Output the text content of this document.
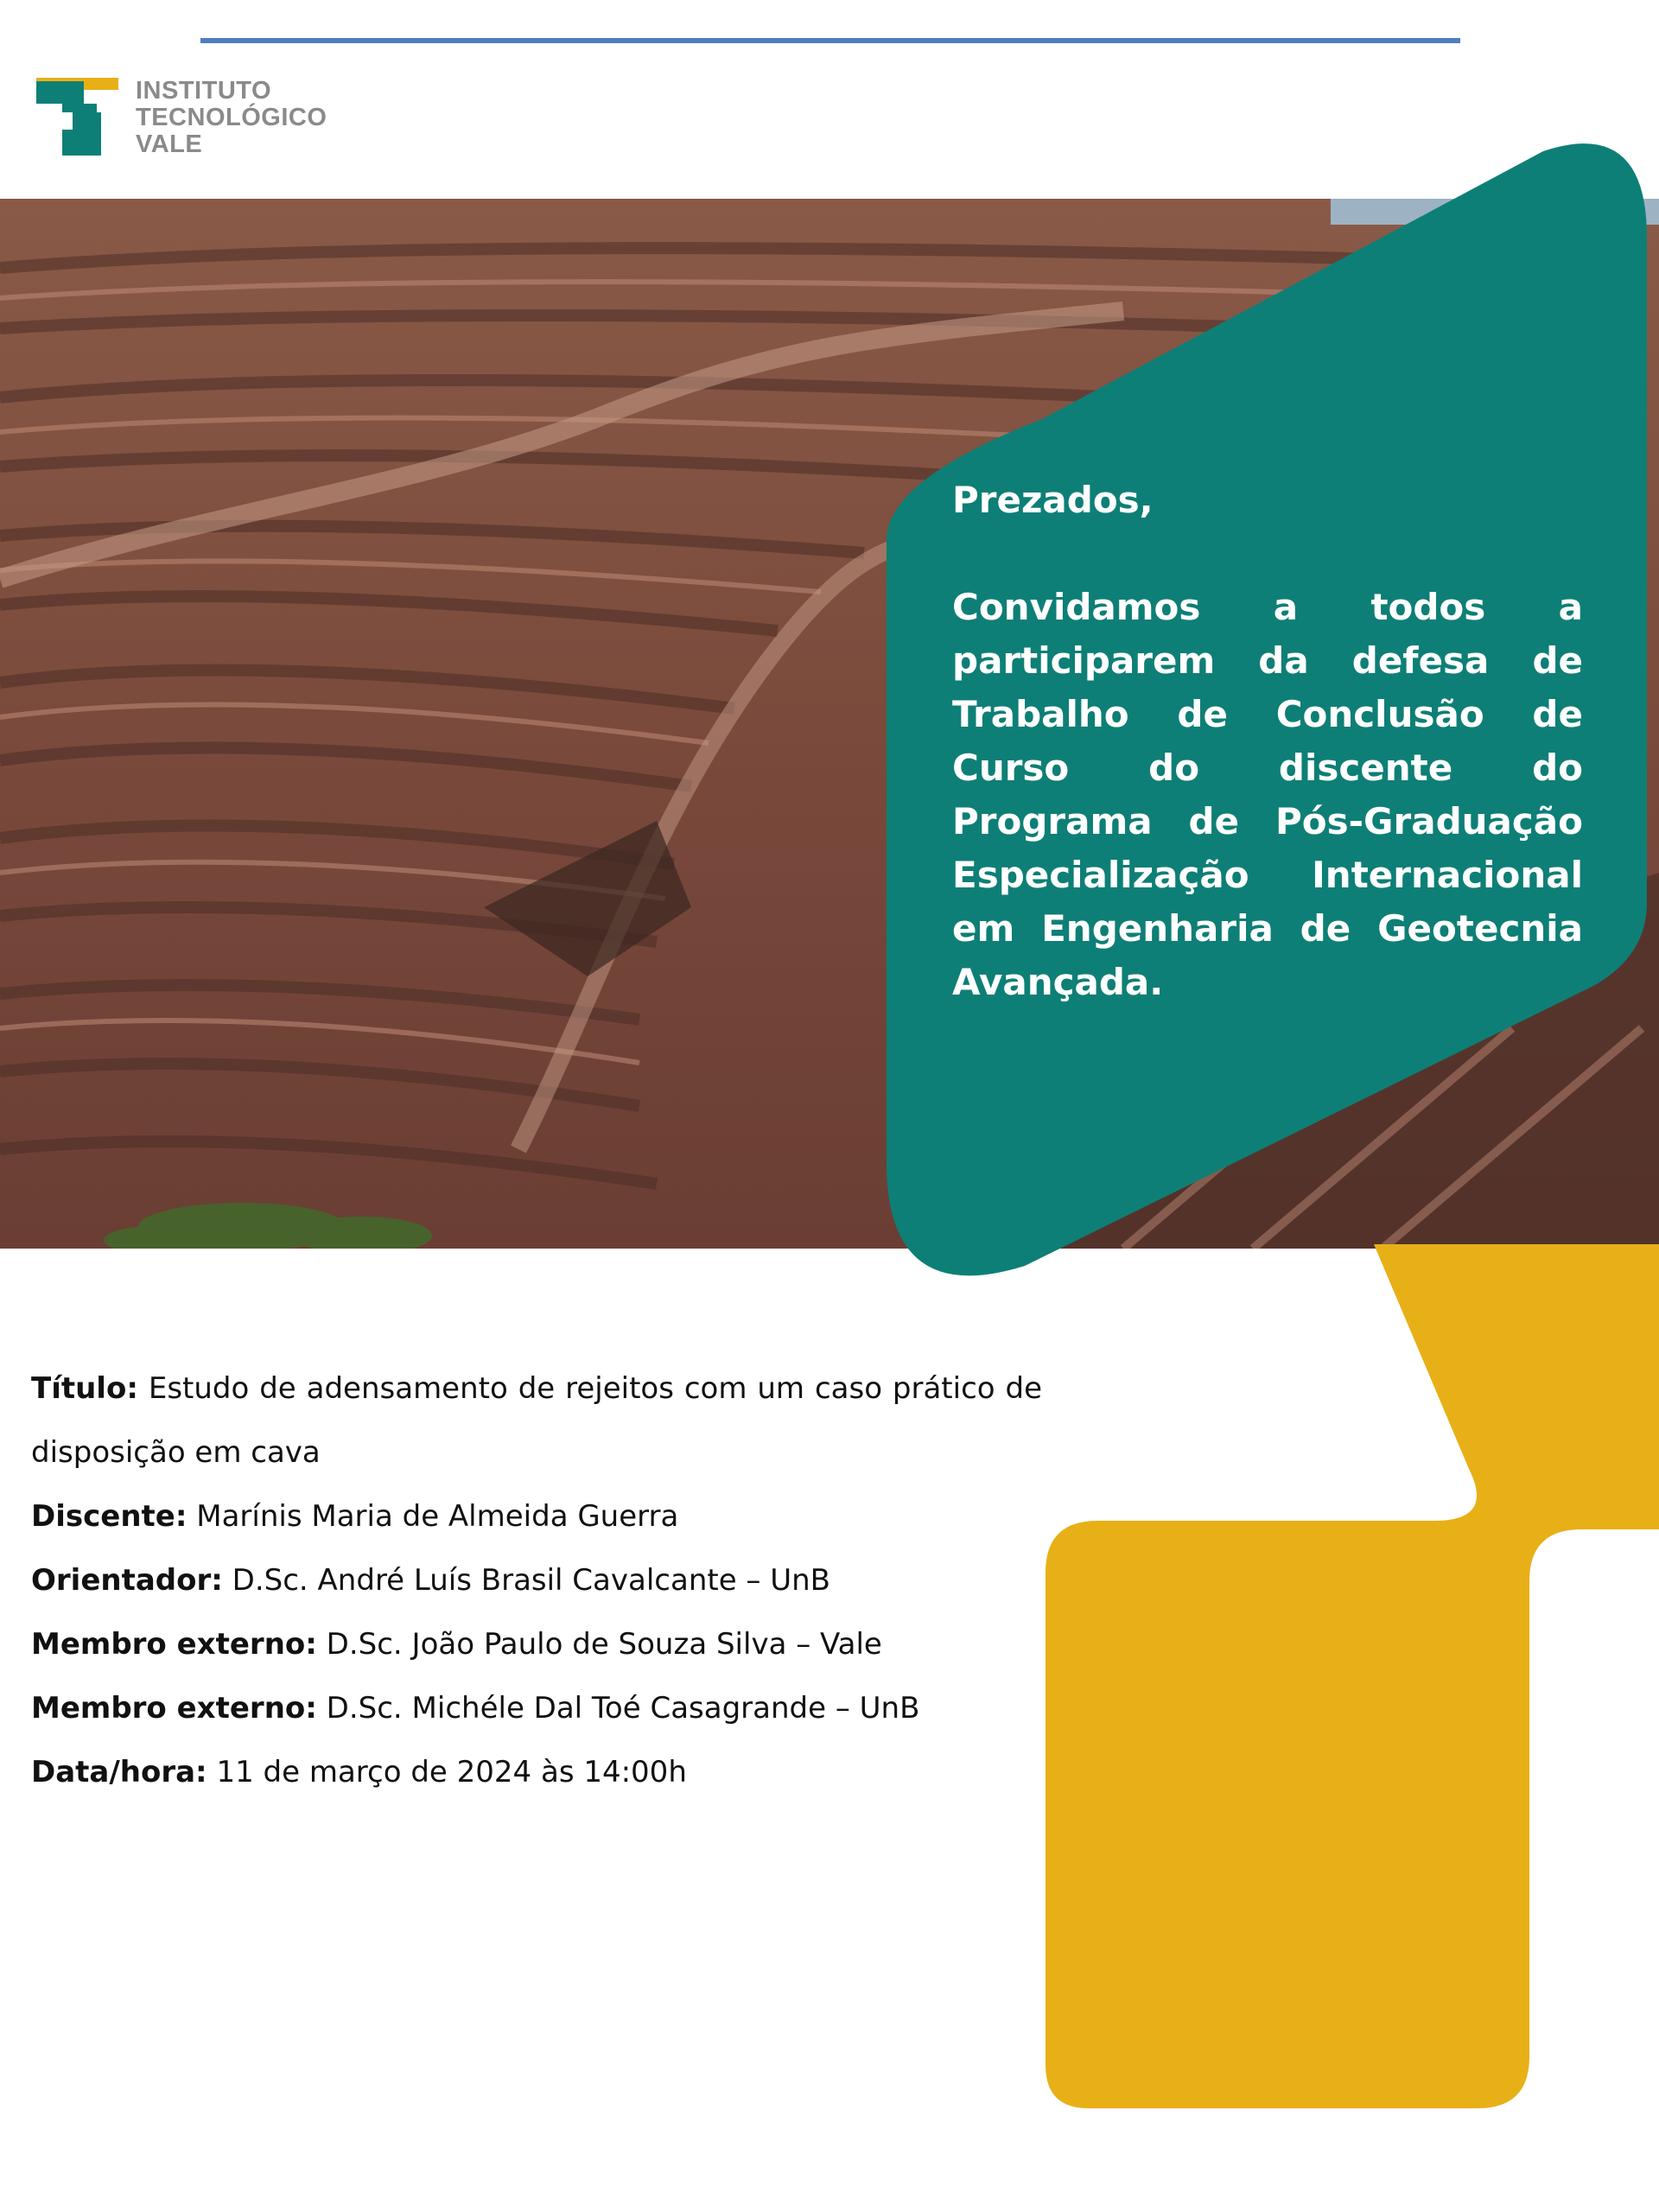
INSTITUTO
TECNOLÓGICO
VALE

Prezados,

Convidamos a todos a participarem da defesa de Trabalho de Conclusão de Curso do discente do Programa de Pós-Graduação Especialização Internacional em Engenharia de Geotecnia Avançada.

Título: Estudo de adensamento de rejeitos com um caso prático de disposição em cava
Discente: Marínis Maria de Almeida Guerra
Orientador: D.Sc. André Luís Brasil Cavalcante – UnB
Membro externo: D.Sc. João Paulo de Souza Silva – Vale
Membro externo: D.Sc. Michéle Dal Toé Casagrande – UnB
Data/hora: 11 de março de 2024 às 14:00h
